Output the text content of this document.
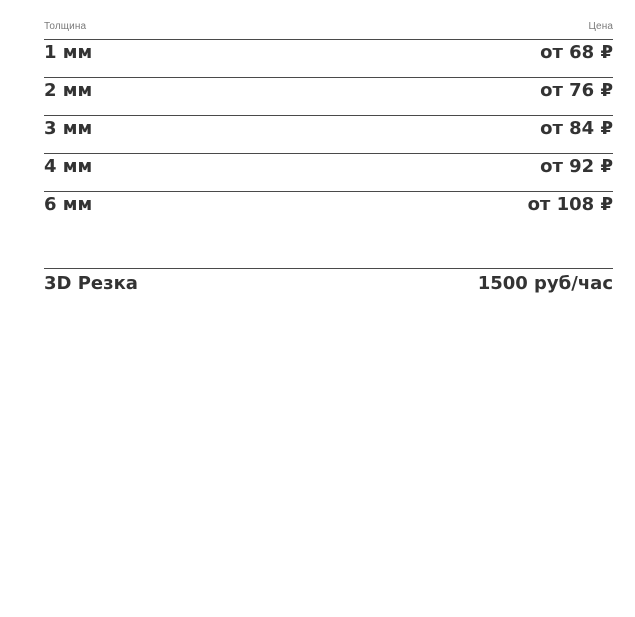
Толщина	Цена
1 мм	от 68 ₽
2 мм	от 76 ₽
3 мм	от 84 ₽
4 мм	от 92 ₽
6 мм	от 108 ₽
3D Резка	1500 руб/час
